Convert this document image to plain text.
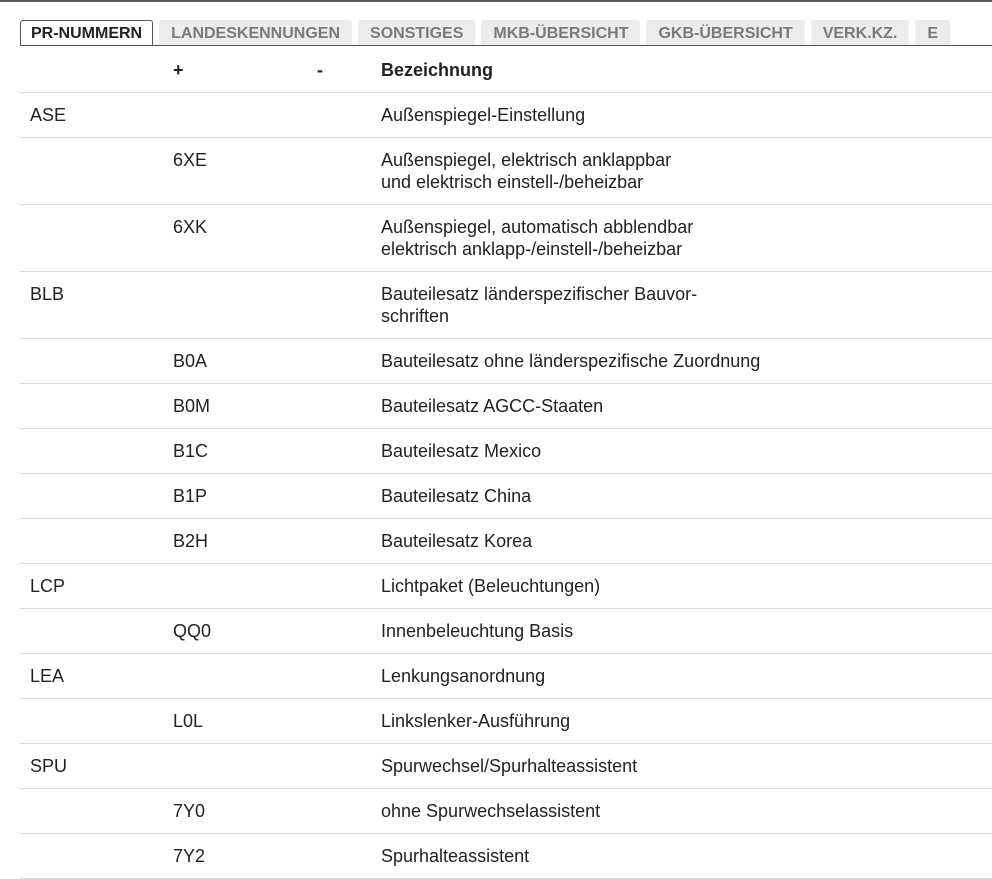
PR-NUMMERN LANDESKENNUNGEN SONSTIGES MKB-ÜBERSICHT GKB-ÜBERSICHT VERK.KZ. E
	+	-	Bezeichnung
ASE			Außenspiegel-Einstellung

	6XE		Außenspiegel, elektrisch anklappbar
und elektrisch einstell-/beheizbar

	6XK		Außenspiegel, automatisch abblendbar
elektrisch anklapp-/einstell-/beheizbar

BLB			Bauteilesatz länderspezifischer Bauvor-
schriften

	B0A		Bauteilesatz ohne länderspezifische Zuordnung

	B0M		Bauteilesatz AGCC-Staaten

	B1C		Bauteilesatz Mexico

	B1P		Bauteilesatz China

	B2H		Bauteilesatz Korea

LCP			Lichtpaket (Beleuchtungen)

	QQ0		Innenbeleuchtung Basis

LEA			Lenkungsanordnung

	L0L		Linkslenker-Ausführung

SPU			Spurwechsel/Spurhalteassistent

	7Y0		ohne Spurwechselassistent

	7Y2		Spurhalteassistent
